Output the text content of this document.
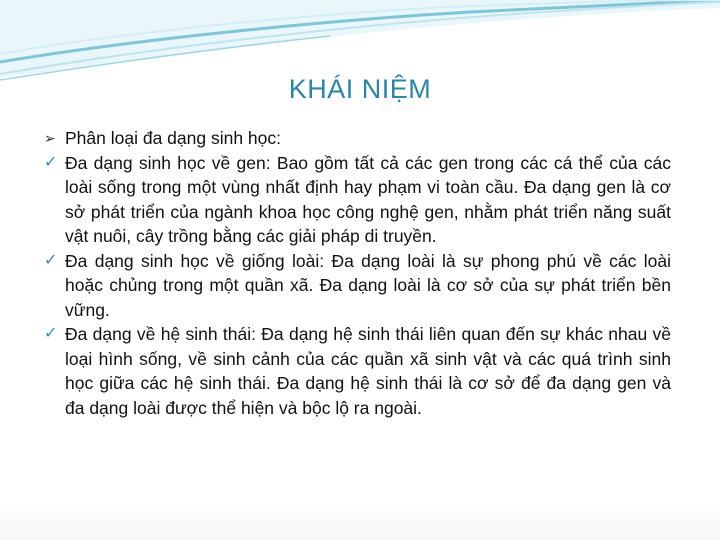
KHÁI NIỆM
➢ Phân loại đa dạng sinh học:
✓ Đa dạng sinh học về gen: Bao gồm tất cả các gen trong các cá thể của các loài sống trong một vùng nhất định hay phạm vi toàn cầu. Đa dạng gen là cơ sở phát triển của ngành khoa học công nghệ gen, nhằm phát triển năng suất vật nuôi, cây trồng bằng các giải pháp di truyền.
✓ Đa dạng sinh học về giống loài: Đa dạng loài là sự phong phú về các loài hoặc chủng trong một quần xã. Đa dạng loài là cơ sở của sự phát triển bền vững.
✓ Đa dạng về hệ sinh thái: Đa dạng hệ sinh thái liên quan đến sự khác nhau về loại hình sống, về sinh cảnh của các quần xã sinh vật và các quá trình sinh học giữa các hệ sinh thái. Đa dạng hệ sinh thái là cơ sở để đa dạng gen và đa dạng loài được thể hiện và bộc lộ ra ngoài.
